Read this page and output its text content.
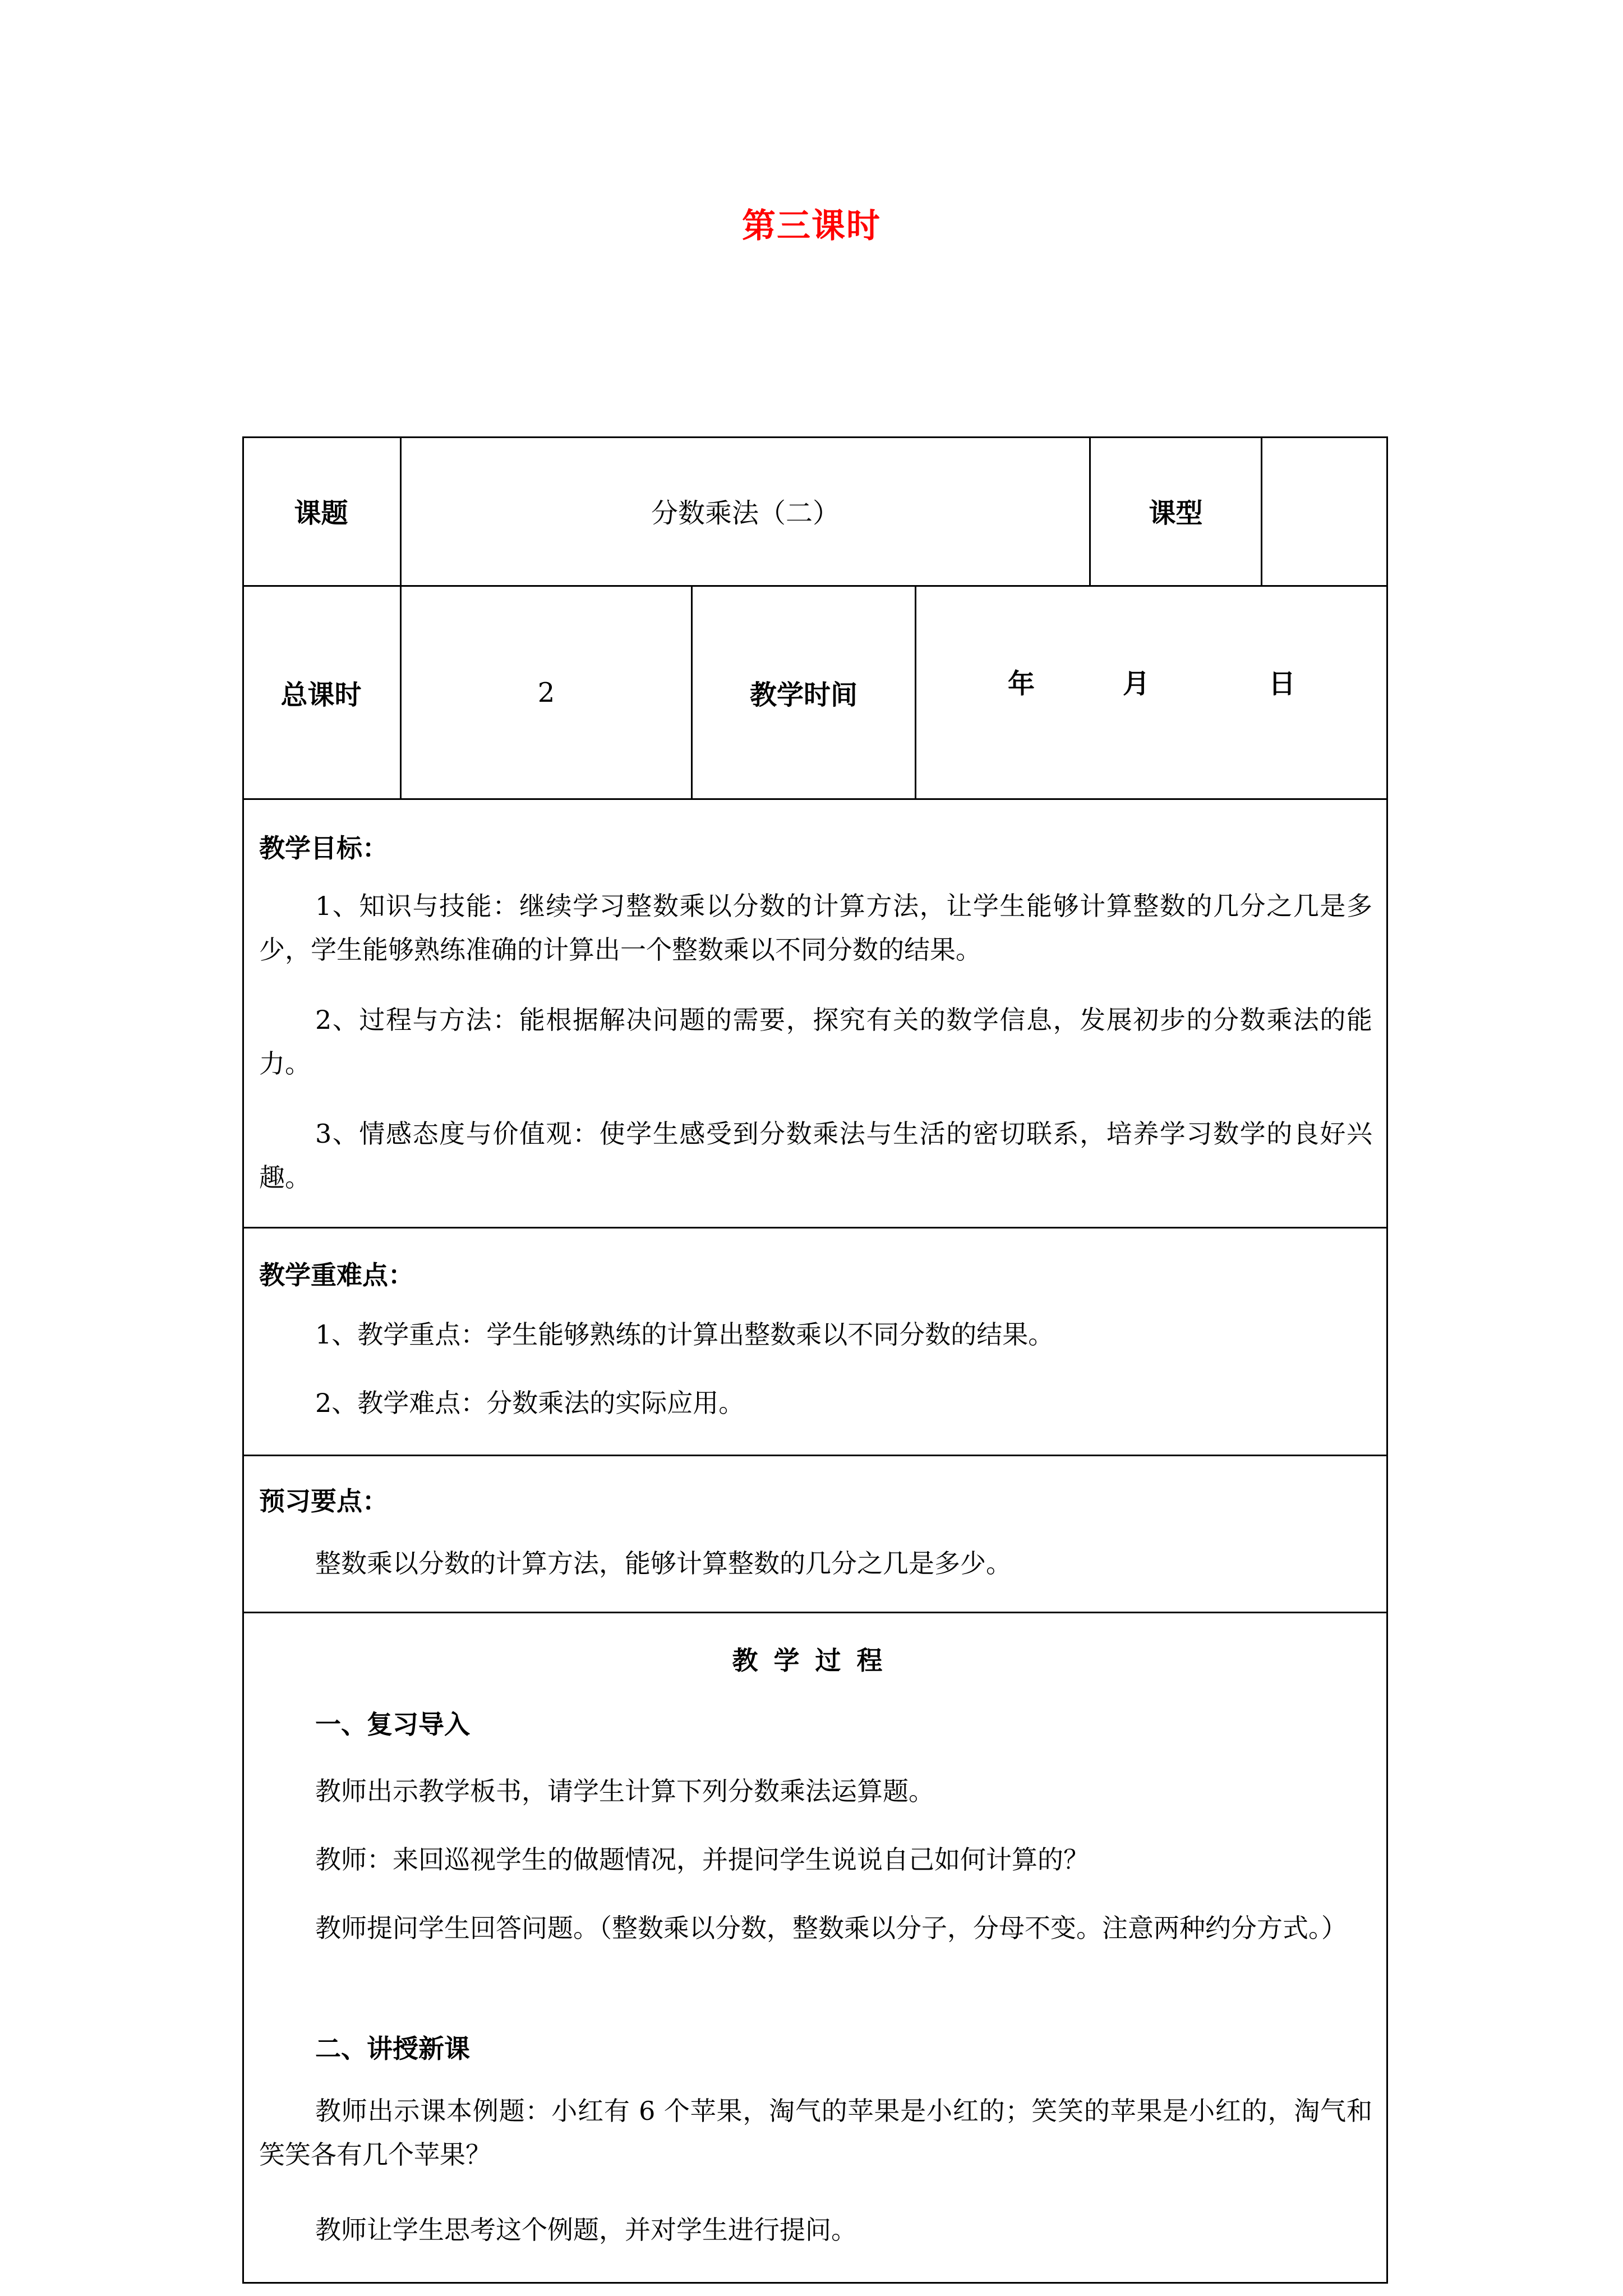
第三课时
课题	分数乘法（二）	课型
总课时	2	教学时间	年	月	日
教学目标：
1、知识与技能：继续学习整数乘以分数的计算方法，让学生能够计算整数的几分之几是多少，学生能够熟练准确的计算出一个整数乘以不同分数的结果。
2、过程与方法：能根据解决问题的需要，探究有关的数学信息，发展初步的分数乘法的能力。
3、情感态度与价值观：使学生感受到分数乘法与生活的密切联系，培养学习数学的良好兴趣。
教学重难点：
1、教学重点：学生能够熟练的计算出整数乘以不同分数的结果。
2、教学难点：分数乘法的实际应用。
预习要点：
整数乘以分数的计算方法，能够计算整数的几分之几是多少。
教学过程
一、复习导入
教师出示教学板书，请学生计算下列分数乘法运算题。
教师：来回巡视学生的做题情况，并提问学生说说自己如何计算的？
教师提问学生回答问题。（整数乘以分数，整数乘以分子，分母不变。注意两种约分方式。）
二、讲授新课
教师出示课本例题：小红有 6 个苹果，淘气的苹果是小红的；笑笑的苹果是小红的，淘气和笑笑各有几个苹果？
教师让学生思考这个例题，并对学生进行提问。
